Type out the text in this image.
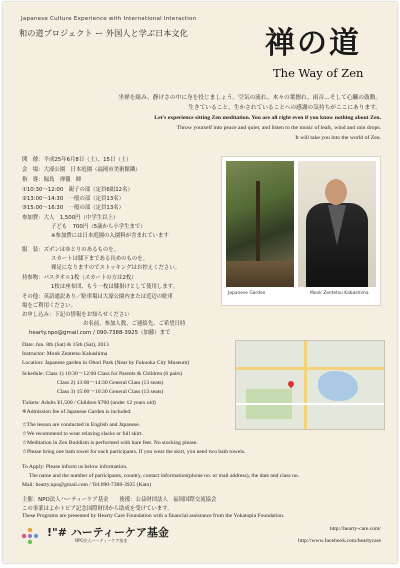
Japanese Culture Experience with International Interaction
和の道プロジェクト ー 外国人と学ぶ日本文化	禅の道
The Way of Zen
坐禅を組み、静けさの中に身を投じましょう。空気の流れ、木々の葉擦れ、雨音…そして心臓の鼓動。
生きていること、生かされていることへの感謝の気持ちがここにあります。
Let's experience sitting Zen meditation. You are all right even if you know nothing about Zen.
Throw yourself into peace and quiet, and listen to the music of leafs, wind and rain drops.
It will take you into the world of Zen.
開　催：平成25年6月8日（土）、15日（土）
会　場：大濠公園　日本庭園（福岡市美術館隣）
指　導：堀島　禅徹　師
①10:30〜12:00　親子の部（定員6組12名）
②13:00〜14:30　一般の部（定員13名）
③15:00〜16:30　一般の部（定員13名）
参加費：大人　1,500円（中学生以上）
子ども　700円（5歳から小学生まで）
※参加費には日本庭園の入園料が含まれています
服　装：ズボンはゆとりのあるものを。
スカートは膝下まである長めのものを。
裸足になりますのでストッキングはお控えください。
持参物：バスタオル1枚（スカートの方は2枚）
1枚は座布団、もう一枚は膝掛けとして使用します。
その他：英語通訳あり／駐車場は大濠公園内または近辺の駐車
場をご利用ください。
お申し込み：下記の情報をお知らせください
お名前、参加人数、ご連絡先、ご希望日時
hearty.npo@gmail.com / 090-7388-3925（加藤）まで
Japanese Garden	Monk Zentetsu Kabashima
Date: Jun. 8th (Sat) & 15th (Sat), 2013
Instructor: Monk Zentetsu Kabashima
Location: Japanese garden in Ohori Park (Near by Fukuoka City Museum)
Schedule: Class 1) 10:30〜12:00 Class for Parents & Children (6 pairs)
Class 2) 13:00〜14:30 General Class (13 seats)
Class 3) 15:00〜16:30 General Class (13 seats)
Tickets: Adults ¥1,500 / Children ¥700 (under 12 years old)
※Admission fee of Japanese Garden is included.
☆The lesson are conducted in English and Japanese.
☆We recommend to wear relaxing slacks or full skirt.
☆Meditation in Zen Buddism is performed with bare feet. No stocking please.
☆Please bring one bath towel for each participants. If you wear the skirt, you need two bath towels.
To Apply: Please inform us below information.
The name and the number of participants, country, contact information(phone no. or mail address), the date and class no.
Mail: hearty.npo@gmail.com / Tel:090-7388-3925 (Kato)
主催：NPO法人ハーティーケア基金　　後援：公益財団法人　福岡国際交流協会
この事業はよかトピア記念国際財団から助成を受けています。
These Programs are presented by Hearty Care Foundation with a financial assistance from the Yokatopia Foundation.
!"# ハーティーケア基金
NPO法人ハーティーケア基金
http://hearty-care.com/
http://www.facebook.com/heartycare
